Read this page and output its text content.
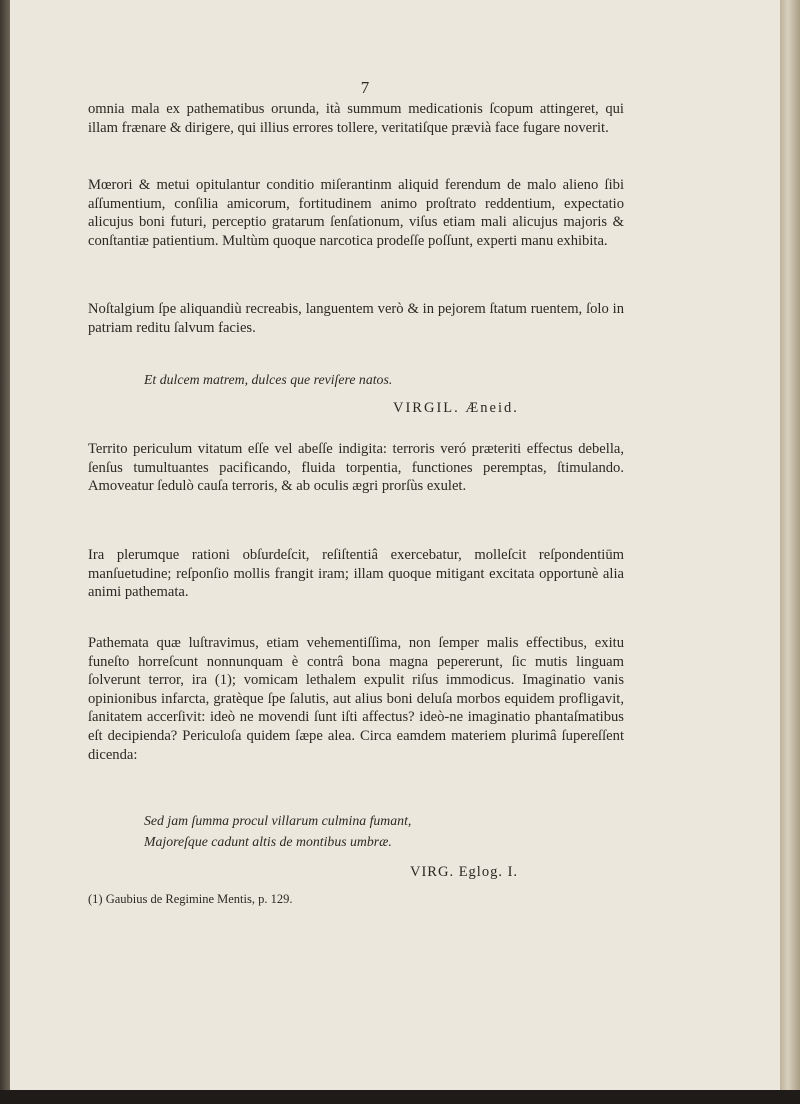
7

omnia mala ex pathematibus orιunda, ità summum medicationis ſcopum attingeret, qui illam frænare & dirigere, qui illius errores tollere, veritatiſque prævià face fugare noverit.

Mœrori & metui opitulantur conditio miſerantinm aliquid ferendum de malo alieno ſibi aſſumentium, conſilia amicorum, fortitudinem animo proſtrato reddentium, expectatio alicujus boni futuri, perceptio gratarum ſenſationum, viſus etiam mali alicujus majoris & conſtantiæ patientium. Multùm quoque narcotica prodeſſe poſſunt, experti manu exhibita.

Noſtalgium ſpe aliquandiù recreabis, languentem verò & in pejorem ſtatum ruentem, ſolo in patriam reditu ſalvum facies.

Et dulcem matrem, dulces que reviſere natos.

VIRGIL. Æneid.

Territo periculum vitatum eſſe vel abeſſe indigita: terroris veró præteriti effectus debella, ſenſus tumultuantes pacificando, fluida torpentia, functiones peremptas, ſtimulando. Amoveatur ſedulò cauſa terroris, & ab oculis ægri prorſùs exulet.

Ira plerumque rationi obſurdeſcit, reſiſtentiâ exercebatur, molleſcit reſpondentiūm manſuetudine; reſponſio mollis frangit iram; illam quoque mitigant excitata opportunè alia animi pathemata.

Pathemata quæ luſtravimus, etiam vehementiſſima, non ſemper malis effectibus, exitu funeſto horreſcunt nonnunquam è contrâ bona magna pepererunt, ſic mutis linguam ſolverunt terror, ira (1); vomicam lethalem expulit riſus immodicus. Imaginatio vanis opinionibus infarcta, gratèque ſpe ſalutis, aut alius boni deluſa morbos equidem profligavit, ſanitatem accerſivit: ideò ne movendi ſunt iſti affectus? ideò-ne imaginatio phantaſmatibus eſt decipienda? Periculoſa quidem ſæpe alea. Circa eamdem materiem plurimâ ſupereſſent dicenda:

Sed jam ſumma procul villarum culmina fumant,

Majoreſque cadunt altis de montibus umbræ.

VIRG. Eglog. I.

(1) Gaubius de Regimine Mentis, p. 129.
